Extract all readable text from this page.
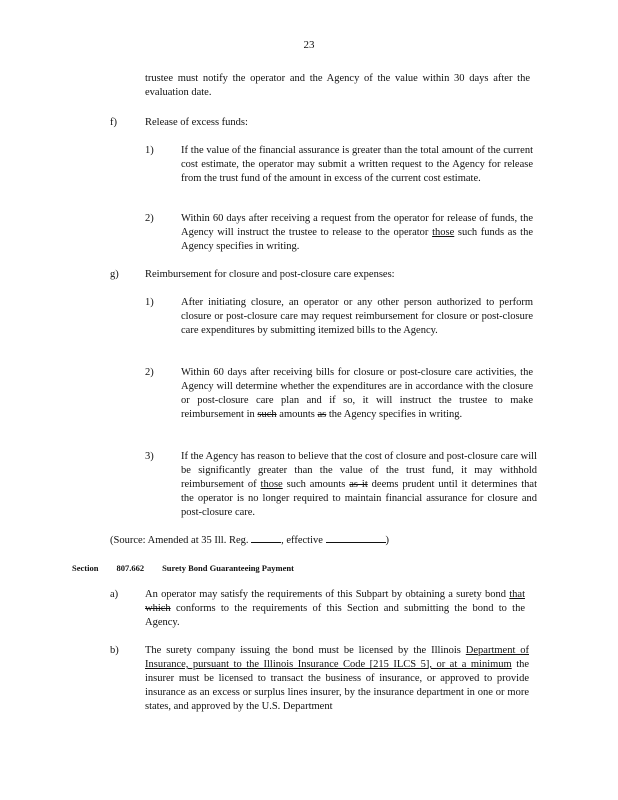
23

trustee must notify the operator and the Agency of the value within 30 days after the evaluation date.

f)	Release of excess funds:
1)	If the value of the financial assurance is greater than the total amount of the current cost estimate, the operator may submit a written request to the Agency for release from the trust fund of the amount in excess of the current cost estimate.

2)	Within 60 days after receiving a request from the operator for release of funds, the Agency will instruct the trustee to release to the operator those such funds as the Agency specifies in writing.

g)	Reimbursement for closure and post-closure care expenses:
1)	After initiating closure, an operator or any other person authorized to perform closure or post-closure care may request reimbursement for closure or post-closure care expenditures by submitting itemized bills to the Agency.

2)	Within 60 days after receiving bills for closure or post-closure care activities, the Agency will determine whether the expenditures are in accordance with the closure or post-closure care plan and if so, it will instruct the trustee to make reimbursement in such amounts as the Agency specifies in writing.

3)	If the Agency has reason to believe that the cost of closure and post-closure care will be significantly greater than the value of the trust fund, it may withhold reimbursement of those such amounts as it deems prudent until it determines that the operator is no longer required to maintain financial assurance for closure and post-closure care.

(Source: Amended at 35 Ill. Reg.	, effective	)
Section 807.662 Surety Bond Guaranteeing Payment
a)	An operator may satisfy the requirements of this Subpart by obtaining a surety bond that which conforms to the requirements of this Section and submitting the bond to the Agency.

b)	The surety company issuing the bond must be licensed by the Illinois Department of Insurance, pursuant to the Illinois Insurance Code [215 ILCS 5], or at a minimum the insurer must be licensed to transact the business of insurance, or approved to provide insurance as an excess or surplus lines insurer, by the insurance department in one or more states, and approved by the U.S. Department
